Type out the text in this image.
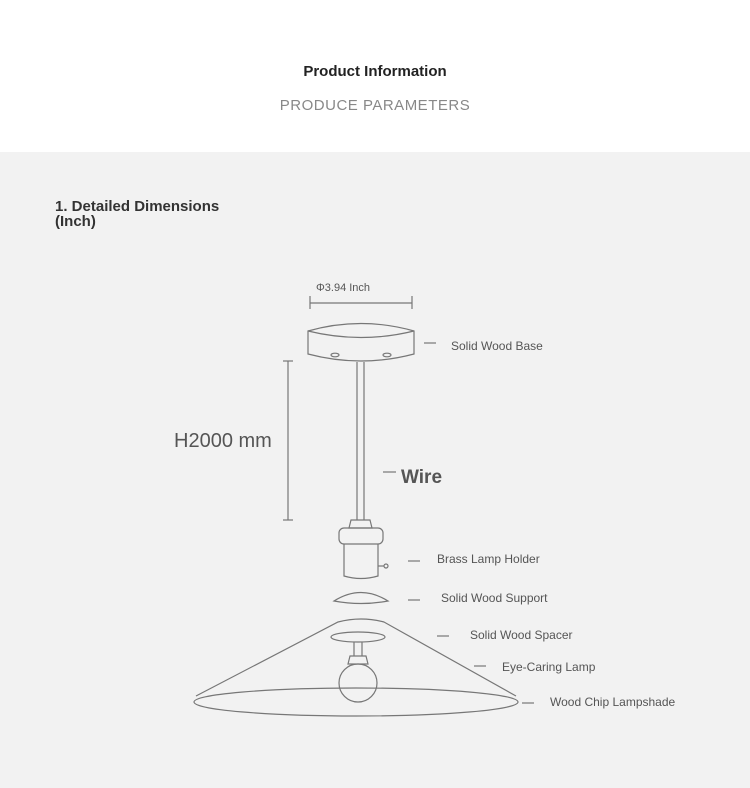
Product Information
PRODUCE PARAMETERS
1. Detailed Dimensions
(Inch)
Φ3.94 Inch
H2000 mm
Wire
Solid Wood Base
Brass Lamp Holder
Solid Wood Support
Solid Wood Spacer
Eye-Caring Lamp
Wood Chip Lampshade
